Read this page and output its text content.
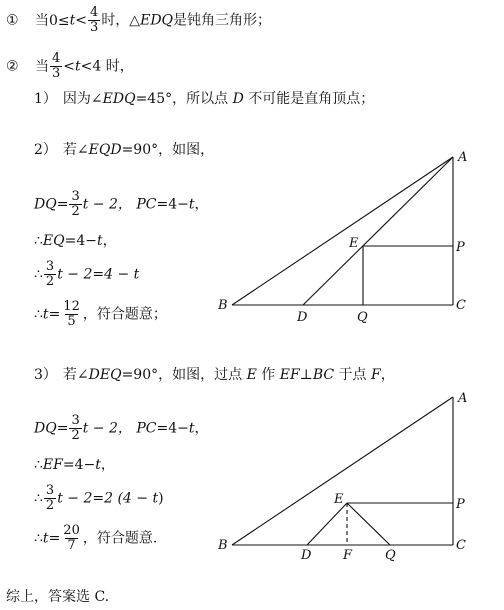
① 当$0\le t< \frac{4}{3}$ 时，△EDQ是钝角三角形；
② 当 $\frac{4}{3} <t<4$ 时，
1） 因为∠EDQ=45°，所以点 D 不可能是直角顶点；
2） 若∠EQD=90°，如图，
$DQ= \frac{3}{2}$ t − 2， PC=4−t，
∴EQ=4−t，
∴ $\frac{3}{2}$ t − 2=4 − t
∴t= $\frac{12}{5}$ ，符合题意；
A
B	C
D
E	P
Q
3） 若∠DEQ=90°，如图，过点 E 作 EF⊥BC 于点 F，
$DQ= \frac{3}{2}$ t − 2， PC=4−t，
∴EF=4−t，
∴ $\frac{3}{2}$ t − 2=2 (4 − t)
∴t= $\frac{20}{7}$ ，符合题意.
A
B	C
D
E
F
P
Q
综上，答案选 C.
